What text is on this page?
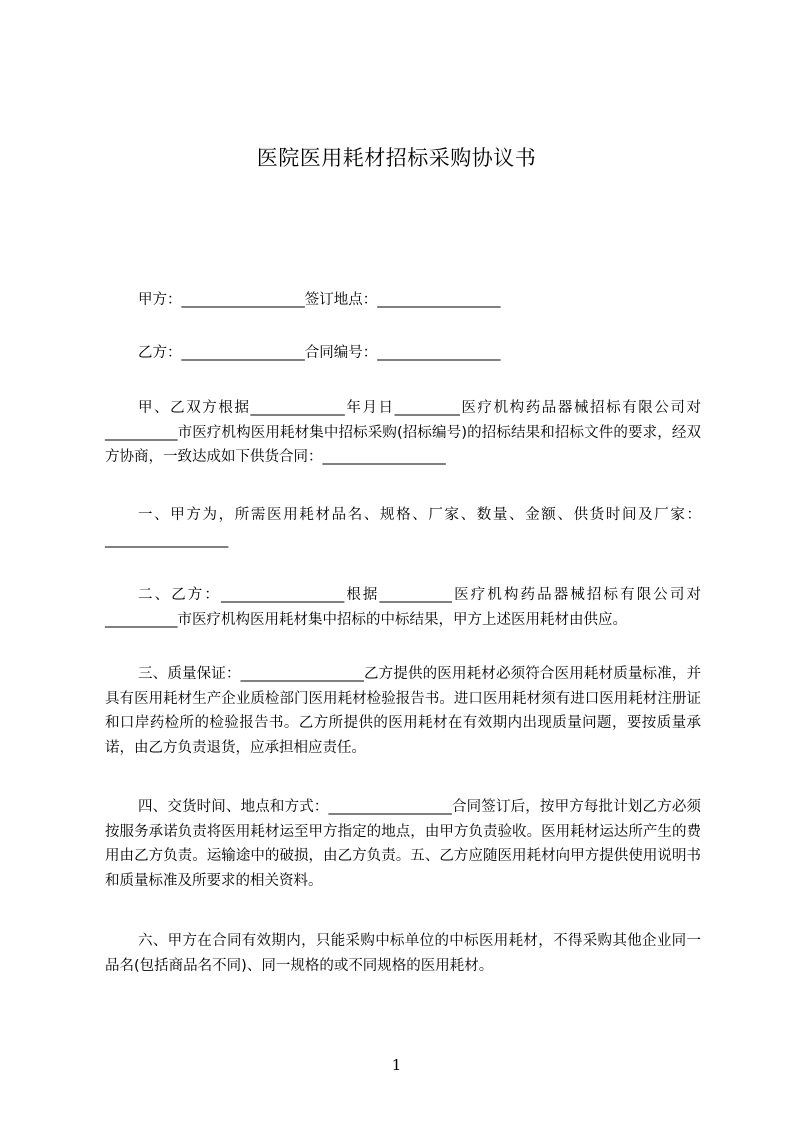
医院医用耗材招标采购协议书

甲方：_________________签订地点：_________________

乙方：_________________合同编号：_________________

甲、乙双方根据_____________年月日_________医疗机构药品器械招标有限公司对__________市医疗机构医用耗材集中招标采购(招标编号)的招标结果和招标文件的要求，经双方协商，一致达成如下供货合同：_________________

一、甲方为，所需医用耗材品名、规格、厂家、数量、金额、供货时间及厂家：_________________

二、乙方：_________________根据__________医疗机构药品器械招标有限公司对__________市医疗机构医用耗材集中招标的中标结果，甲方上述医用耗材由供应。

三、质量保证：_________________乙方提供的医用耗材必须符合医用耗材质量标准，并具有医用耗材生产企业质检部门医用耗材检验报告书。进口医用耗材须有进口医用耗材注册证和口岸药检所的检验报告书。乙方所提供的医用耗材在有效期内出现质量问题，要按质量承诺，由乙方负责退货，应承担相应责任。

四、交货时间、地点和方式：_________________合同签订后，按甲方每批计划乙方必须按服务承诺负责将医用耗材运至甲方指定的地点，由甲方负责验收。医用耗材运达所产生的费用由乙方负责。运输途中的破损，由乙方负责。五、乙方应随医用耗材向甲方提供使用说明书和质量标准及所要求的相关资料。

六、甲方在合同有效期内，只能采购中标单位的中标医用耗材，不得采购其他企业同一品名(包括商品名不同)、同一规格的或不同规格的医用耗材。

1
